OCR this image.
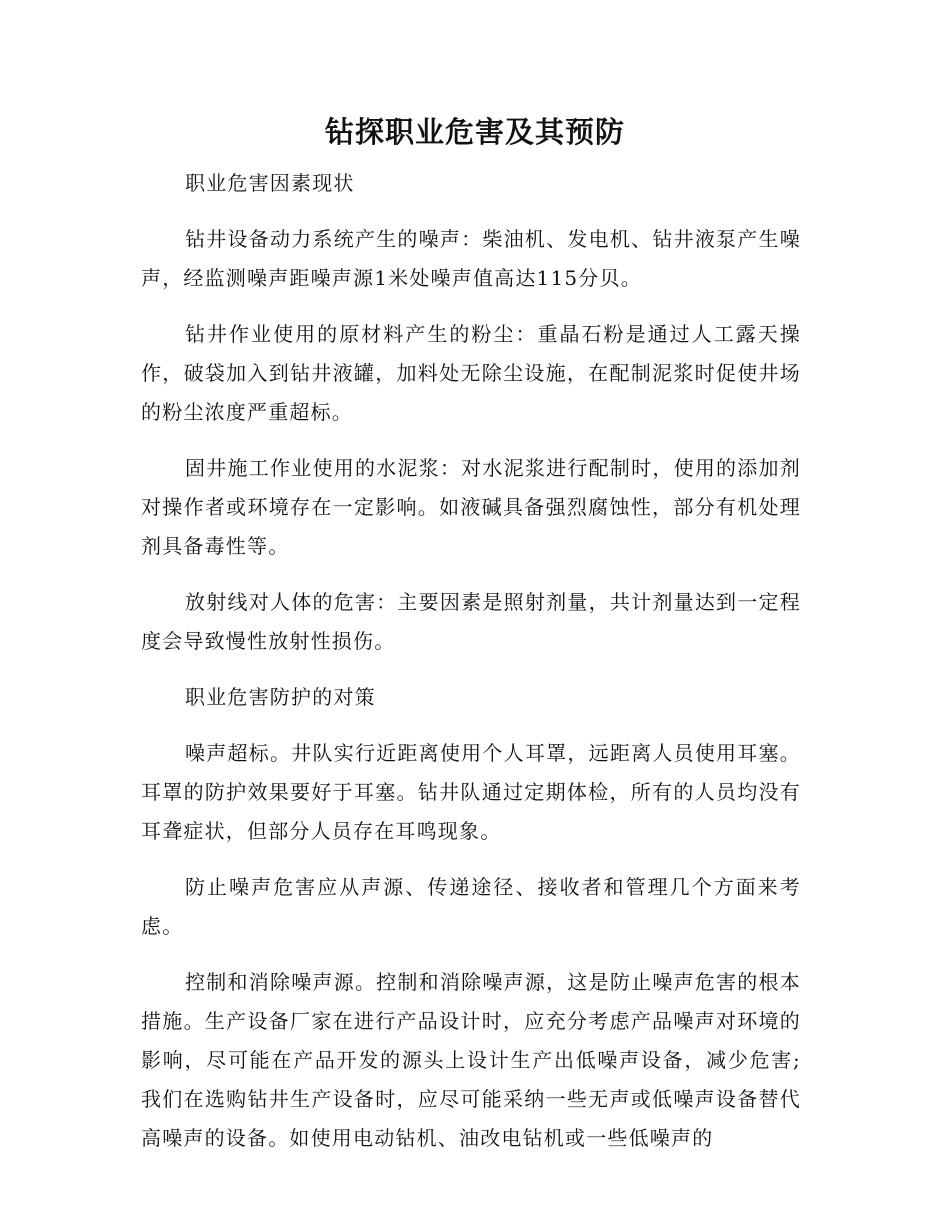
钻探职业危害及其预防

职业危害因素现状

钻井设备动力系统产生的噪声：柴油机、发电机、钻井液泵产生噪声，经监测噪声距噪声源1米处噪声值高达115分贝。

钻井作业使用的原材料产生的粉尘：重晶石粉是通过人工露天操作，破袋加入到钻井液罐，加料处无除尘设施，在配制泥浆时促使井场的粉尘浓度严重超标。

固井施工作业使用的水泥浆：对水泥浆进行配制时，使用的添加剂对操作者或环境存在一定影响。如液碱具备强烈腐蚀性，部分有机处理剂具备毒性等。

放射线对人体的危害：主要因素是照射剂量，共计剂量达到一定程度会导致慢性放射性损伤。

职业危害防护的对策

噪声超标。井队实行近距离使用个人耳罩，远距离人员使用耳塞。耳罩的防护效果要好于耳塞。钻井队通过定期体检，所有的人员均没有耳聋症状，但部分人员存在耳鸣现象。

防止噪声危害应从声源、传递途径、接收者和管理几个方面来考虑。

控制和消除噪声源。控制和消除噪声源，这是防止噪声危害的根本措施。生产设备厂家在进行产品设计时，应充分考虑产品噪声对环境的影响，尽可能在产品开发的源头上设计生产出低噪声设备，减少危害;我们在选购钻井生产设备时，应尽可能采纳一些无声或低噪声设备替代高噪声的设备。如使用电动钻机、油改电钻机或一些低噪声的
